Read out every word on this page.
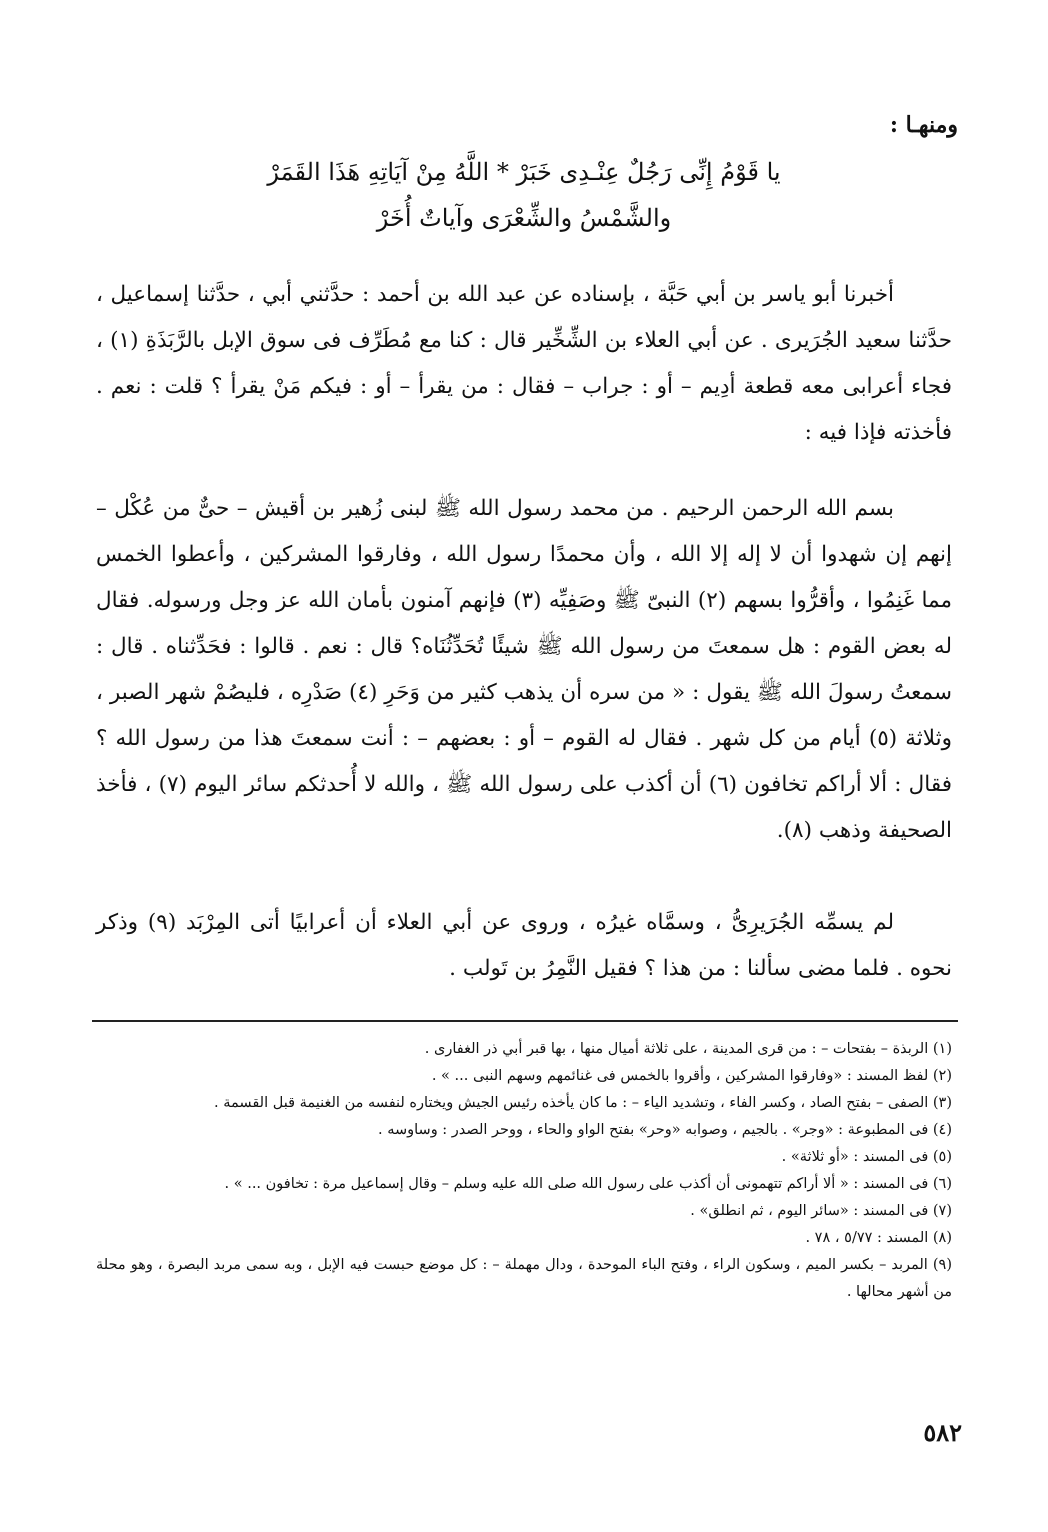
ومنهـا :

يا قَوْمُ إِنِّى رَجُلٌ عِنْـدِى خَبَرْ * اللَّهُ مِنْ آيَاتِهِ هَذَا القَمَرْ

والشَّمْسُ والشِّعْرَى وآياتٌ أُخَرْ

أخبرنا أبو ياسر بن أبي حَبَّة ، بإسناده عن عبد الله بن أحمد : حدَّثني أبي ، حدَّثنا إسماعيل ، حدَّثنا سعيد الجُرَيرى . عن أبي العلاء بن الشِّخِّير قال : كنا مع مُطَرِّف فى سوق الإبل بالرَّبَذَةِ (١) ، فجاء أعرابى معه قطعة أدِيم – أو : جراب – فقال : من يقرأ – أو : فيكم مَنْ يقرأ ؟ قلت : نعم . فأخذته فإذا فيه :

بسم الله الرحمن الرحيم . من محمد رسول الله ﷺ لبنى زُهير بن أقيش – حىٌّ من عُكْل – إنهم إن شهدوا أن لا إله إلا الله ، وأن محمدًا رسول الله ، وفارقوا المشركين ، وأعطوا الخمس مما غَنِمُوا ، وأقرُّوا بسهم (٢) النبىّ ﷺ وصَفِيِّه (٣) فإنهم آمنون بأمان الله عز وجل ورسوله. فقال له بعض القوم : هل سمعتَ من رسول الله ﷺ شيئًا تُحَدِّثُنَاه؟ قال : نعم . قالوا : فحَدِّثناه . قال : سمعتُ رسولَ الله ﷺ يقول : « من سره أن يذهب كثير من وَحَرِ (٤) صَدْرِه ، فليصُمْ شهر الصبر ، وثلاثة (٥) أيام من كل شهر . فقال له القوم – أو : بعضهم – : أنت سمعتَ هذا من رسول الله ؟ فقال : ألا أراكم تخافون (٦) أن أكذب على رسول الله ﷺ ، والله لا أُحدثكم سائر اليوم (٧) ، فأخذ الصحيفة وذهب (٨).

لم يسمِّه الجُرَيرِىُّ ، وسمَّاه غيرُه ، وروى عن أبي العلاء أن أعرابيًا أتى المِرْبَد (٩) وذكر نحوه . فلما مضى سألنا : من هذا ؟ فقيل النَّمِرُ بن تَولب .

(١) الربذة – بفتحات – : من قرى المدينة ، على ثلاثة أميال منها ، بها قبر أبي ذر الغفارى .
(٢) لفظ المسند : «وفارقوا المشركين ، وأقروا بالخمس فى غنائمهم وسهم النبى ... » .
(٣) الصفى – بفتح الصاد ، وكسر الفاء ، وتشديد الياء – : ما كان يأخذه رئيس الجيش ويختاره لنفسه من الغنيمة قبل القسمة .
(٤) فى المطبوعة : «وجر» . بالجيم ، وصوابه «وحر» بفتح الواو والحاء ، ووحر الصدر : وساوسه .
(٥) فى المسند : «أو ثلاثة» .
(٦) فى المسند : « ألا أراكم تتهمونى أن أكذب على رسول الله صلى الله عليه وسلم – وقال إسماعيل مرة : تخافون ... » .
(٧) فى المسند : «سائر اليوم ، ثم انطلق» .
(٨) المسند : ٥/٧٧ ، ٧٨ .
(٩) المربد – بكسر الميم ، وسكون الراء ، وفتح الباء الموحدة ، ودال مهملة – : كل موضع حبست فيه الإبل ، وبه سمى مربد البصرة ، وهو محلة من أشهر محالها .

٥٨٢
